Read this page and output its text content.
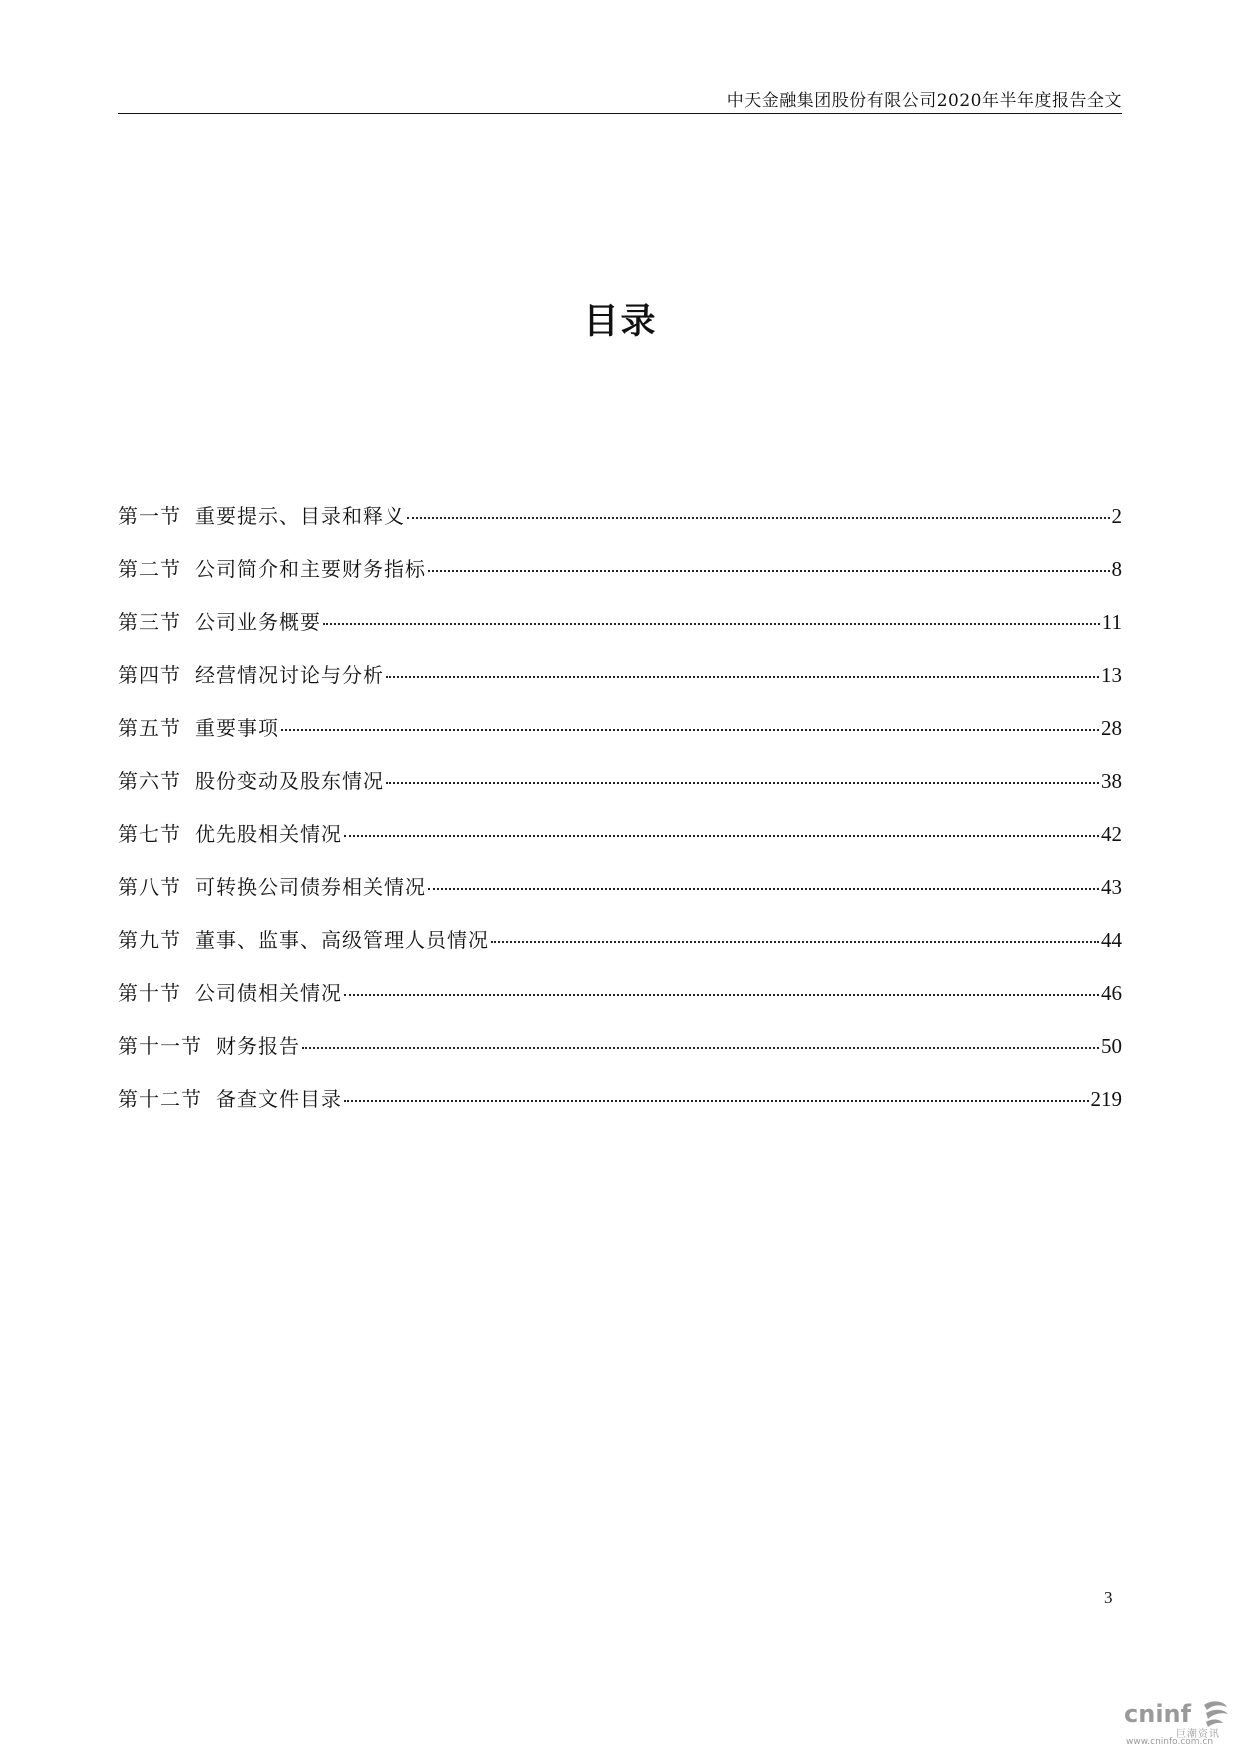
中天金融集团股份有限公司2020年半年度报告全文
目录
第一节 重要提示、目录和释义	2
第二节 公司简介和主要财务指标	8
第三节 公司业务概要	11
第四节 经营情况讨论与分析	13
第五节 重要事项	28
第六节 股份变动及股东情况	38
第七节 优先股相关情况	42
第八节 可转换公司债券相关情况	43
第九节 董事、监事、高级管理人员情况	44
第十节 公司债相关情况	46
第十一节 财务报告	50
第十二节 备查文件目录	219
3
cninf
巨潮资讯
www.cninfo.com.cn
